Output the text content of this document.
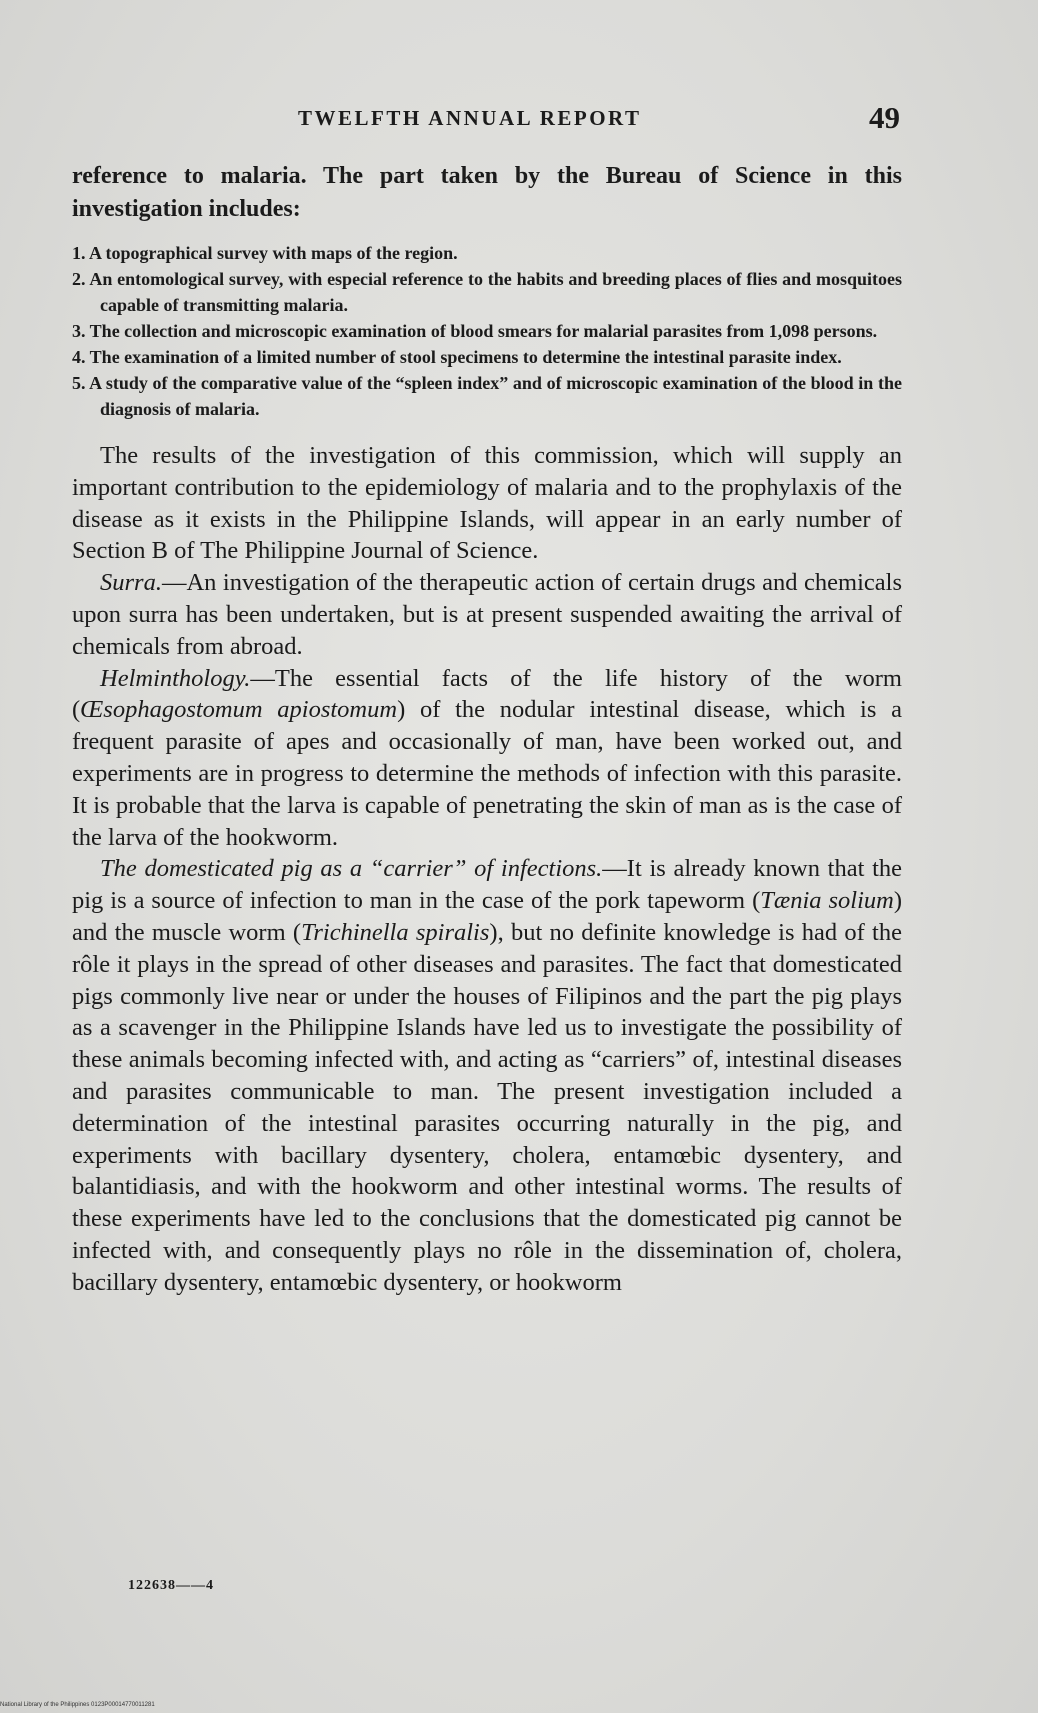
TWELFTH ANNUAL REPORT	49

reference to malaria. The part taken by the Bureau of Science in this investigation includes:

1. A topographical survey with maps of the region.
2. An entomological survey, with especial reference to the habits and breeding places of flies and mosquitoes capable of transmitting malaria.
3. The collection and microscopic examination of blood smears for malarial parasites from 1,098 persons.
4. The examination of a limited number of stool specimens to determine the intestinal parasite index.
5. A study of the comparative value of the “spleen index” and of microscopic examination of the blood in the diagnosis of malaria.

The results of the investigation of this commission, which will supply an important contribution to the epidemiology of malaria and to the prophylaxis of the disease as it exists in the Philippine Islands, will appear in an early number of Section B of The Philippine Journal of Science.

Surra.—An investigation of the therapeutic action of certain drugs and chemicals upon surra has been undertaken, but is at present suspended awaiting the arrival of chemicals from abroad.

Helminthology.—The essential facts of the life history of the worm (Œsophagostomum apiostomum) of the nodular intestinal disease, which is a frequent parasite of apes and occasionally of man, have been worked out, and experiments are in progress to determine the methods of infection with this parasite. It is probable that the larva is capable of penetrating the skin of man as is the case of the larva of the hookworm.

The domesticated pig as a “carrier” of infections.—It is already known that the pig is a source of infection to man in the case of the pork tapeworm (Tænia solium) and the muscle worm (Trichinella spiralis), but no definite knowledge is had of the rôle it plays in the spread of other diseases and parasites. The fact that domesticated pigs commonly live near or under the houses of Filipinos and the part the pig plays as a scavenger in the Philippine Islands have led us to investigate the possibility of these animals becoming infected with, and acting as “carriers” of, intestinal diseases and parasites communicable to man. The present investigation included a determination of the intestinal parasites occurring naturally in the pig, and experiments with bacillary dysentery, cholera, entamœbic dysentery, and balantidiasis, and with the hookworm and other intestinal worms. The results of these experiments have led to the conclusions that the domesticated pig cannot be infected with, and consequently plays no rôle in the dissemination of, cholera, bacillary dysentery, entamœbic dysentery, or hookworm

122638——4
National Library of the Philippines 0123P00014770011281
